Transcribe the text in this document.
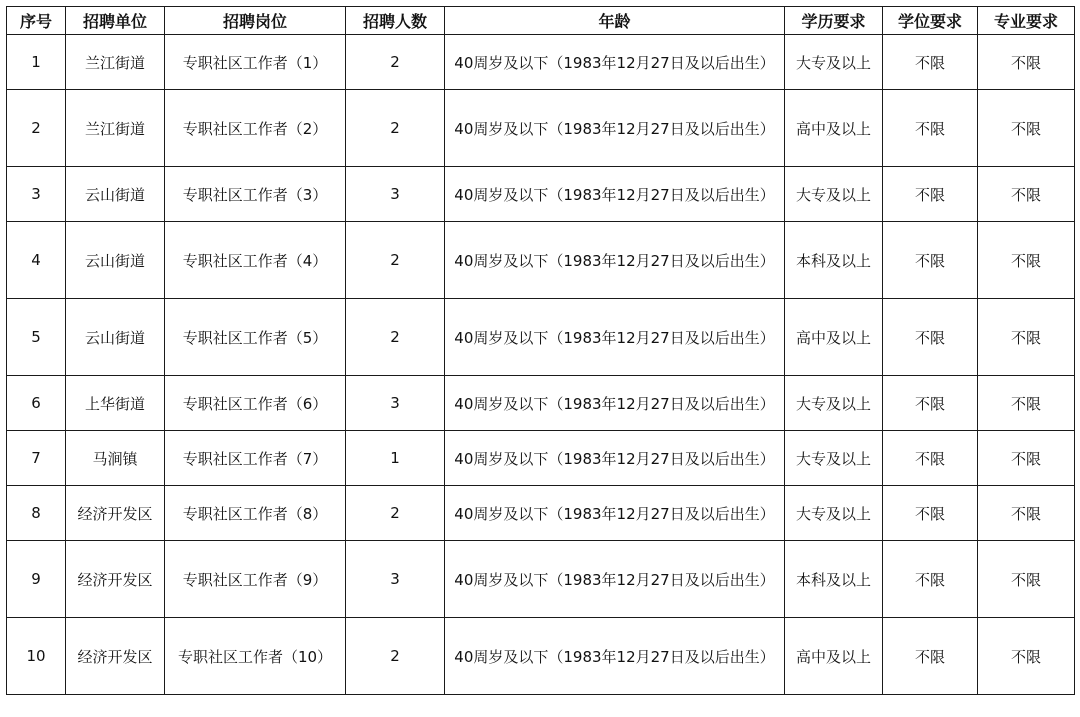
序号	招聘单位	招聘岗位	招聘人数	年龄	学历要求	学位要求	专业要求
1	兰江街道	专职社区工作者（1）	2	40周岁及以下（1983年12月27日及以后出生）	大专及以上	不限	不限
2	兰江街道	专职社区工作者（2）	2	40周岁及以下（1983年12月27日及以后出生）	高中及以上	不限	不限
3	云山街道	专职社区工作者（3）	3	40周岁及以下（1983年12月27日及以后出生）	大专及以上	不限	不限
4	云山街道	专职社区工作者（4）	2	40周岁及以下（1983年12月27日及以后出生）	本科及以上	不限	不限
5	云山街道	专职社区工作者（5）	2	40周岁及以下（1983年12月27日及以后出生）	高中及以上	不限	不限
6	上华街道	专职社区工作者（6）	3	40周岁及以下（1983年12月27日及以后出生）	大专及以上	不限	不限
7	马涧镇	专职社区工作者（7）	1	40周岁及以下（1983年12月27日及以后出生）	大专及以上	不限	不限
8	经济开发区	专职社区工作者（8）	2	40周岁及以下（1983年12月27日及以后出生）	大专及以上	不限	不限
9	经济开发区	专职社区工作者（9）	3	40周岁及以下（1983年12月27日及以后出生）	本科及以上	不限	不限
10	经济开发区	专职社区工作者（10）	2	40周岁及以下（1983年12月27日及以后出生）	高中及以上	不限	不限
